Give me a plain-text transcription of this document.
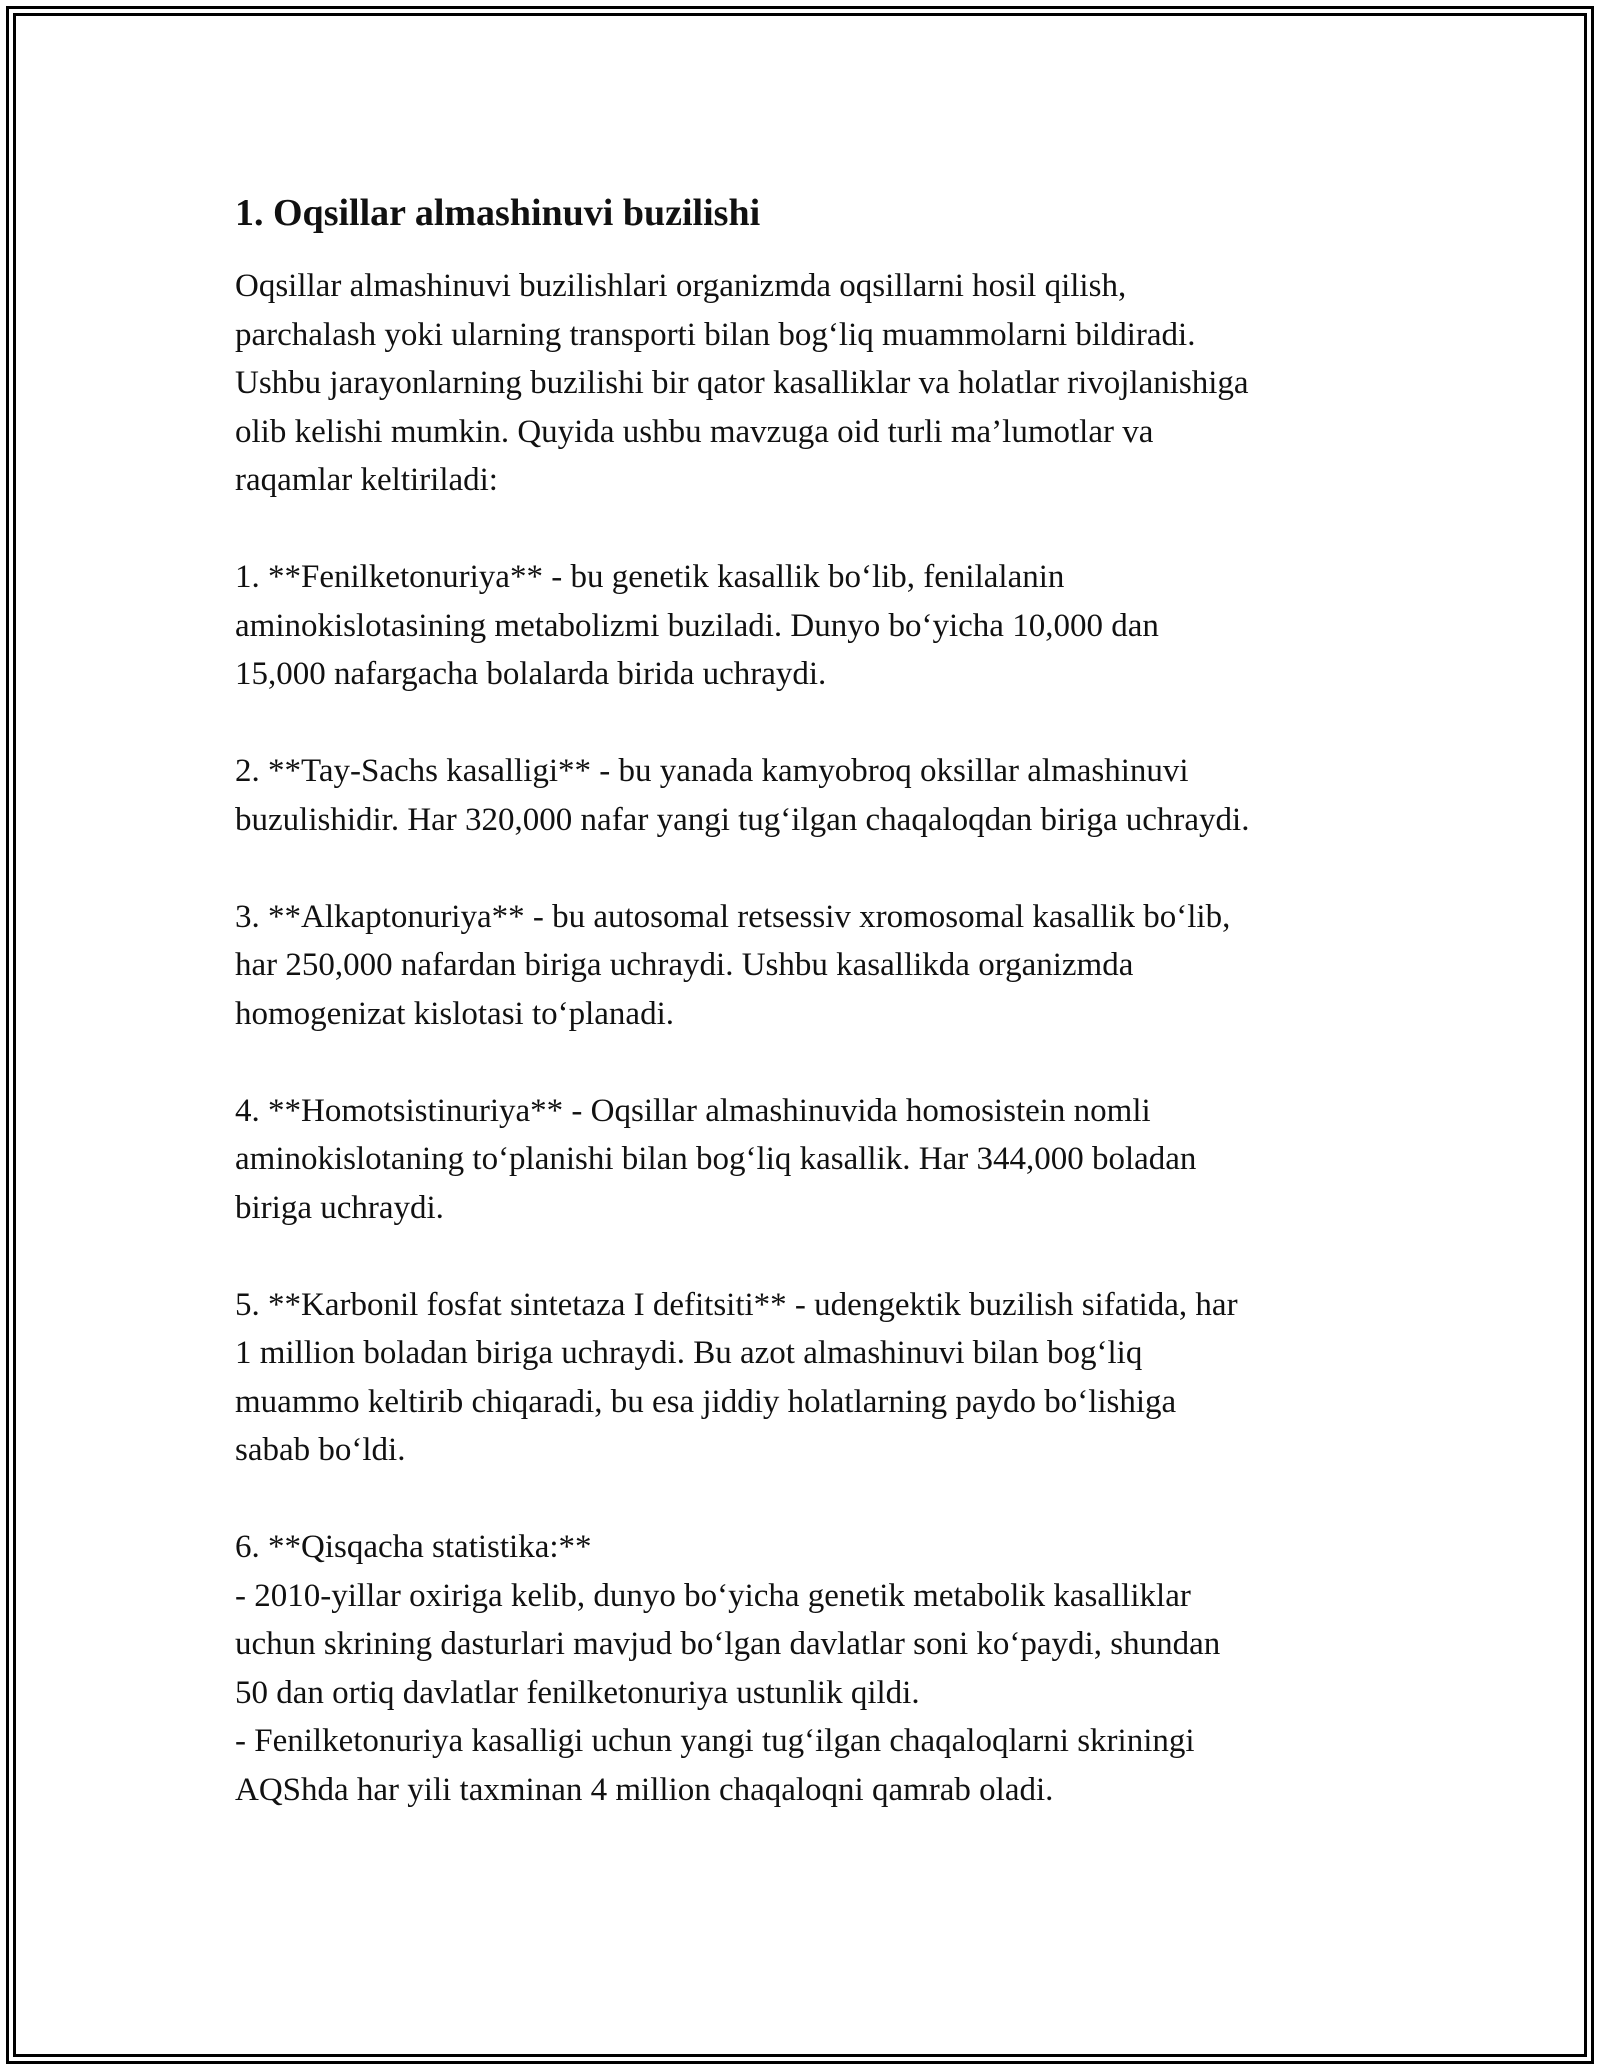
1. Oqsillar almashinuvi buzilishi

Oqsillar almashinuvi buzilishlari organizmda oqsillarni hosil qilish,
parchalash yoki ularning transporti bilan bog‘liq muammolarni bildiradi.
Ushbu jarayonlarning buzilishi bir qator kasalliklar va holatlar rivojlanishiga
olib kelishi mumkin. Quyida ushbu mavzuga oid turli ma’lumotlar va
raqamlar keltiriladi:

1. **Fenilketonuriya** - bu genetik kasallik bo‘lib, fenilalanin
aminokislotasining metabolizmi buziladi. Dunyo bo‘yicha 10,000 dan
15,000 nafargacha bolalarda birida uchraydi.

2. **Tay-Sachs kasalligi** - bu yanada kamyobroq oksillar almashinuvi
buzulishidir. Har 320,000 nafar yangi tug‘ilgan chaqaloqdan biriga uchraydi.

3. **Alkaptonuriya** - bu autosomal retsessiv xromosomal kasallik bo‘lib,
har 250,000 nafardan biriga uchraydi. Ushbu kasallikda organizmda
homogenizat kislotasi to‘planadi.

4. **Homotsistinuriya** - Oqsillar almashinuvida homosistein nomli
aminokislotaning to‘planishi bilan bog‘liq kasallik. Har 344,000 boladan
biriga uchraydi.

5. **Karbonil fosfat sintetaza I defitsiti** - udengektik buzilish sifatida, har
1 million boladan biriga uchraydi. Bu azot almashinuvi bilan bog‘liq
muammo keltirib chiqaradi, bu esa jiddiy holatlarning paydo bo‘lishiga
sabab bo‘ldi.

6. **Qisqacha statistika:**
- 2010-yillar oxiriga kelib, dunyo bo‘yicha genetik metabolik kasalliklar
uchun skrining dasturlari mavjud bo‘lgan davlatlar soni ko‘paydi, shundan
50 dan ortiq davlatlar fenilketonuriya ustunlik qildi.
- Fenilketonuriya kasalligi uchun yangi tug‘ilgan chaqaloqlarni skriningi
AQShda har yili taxminan 4 million chaqaloqni qamrab oladi.
